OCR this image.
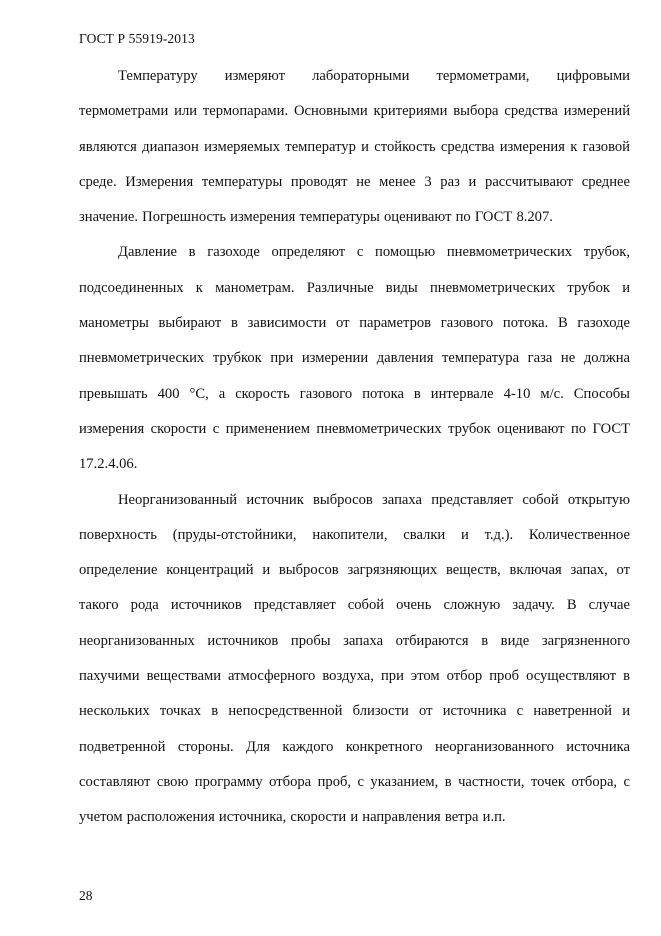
ГОСТ Р 55919-2013

Температуру измеряют лабораторными термометрами, цифровыми термометрами или термопарами. Основными критериями выбора средства измерений являются диапазон измеряемых температур и стойкость средства измерения к газовой среде. Измерения температуры проводят не менее 3 раз и рассчитывают среднее значение. Погрешность измерения температуры оценивают по ГОСТ 8.207.

Давление в газоходе определяют с помощью пневмометрических трубок, подсоединенных к манометрам. Различные виды пневмометрических трубок и манометры выбирают в зависимости от параметров газового потока. В газоходе пневмометрических трубкок при измерении давления температура газа не должна превышать 400 °С, а скорость газового потока в интервале 4-10 м/с. Способы измерения скорости с применением пневмометрических трубок оценивают по ГОСТ 17.2.4.06.

Неорганизованный источник выбросов запаха представляет собой открытую поверхность (пруды-отстойники, накопители, свалки и т.д.). Количественное определение концентраций и выбросов загрязняющих веществ, включая запах, от такого рода источников представляет собой очень сложную задачу. В случае неорганизованных источников пробы запаха отбираются в виде загрязненного пахучими веществами атмосферного воздуха, при этом отбор проб осуществляют в нескольких точках в непосредственной близости от источника с наветренной и подветренной стороны. Для каждого конкретного неорганизованного источника составляют свою программу отбора проб, с указанием, в частности, точек отбора, с учетом расположения источника, скорости и направления ветра и.п.

28
